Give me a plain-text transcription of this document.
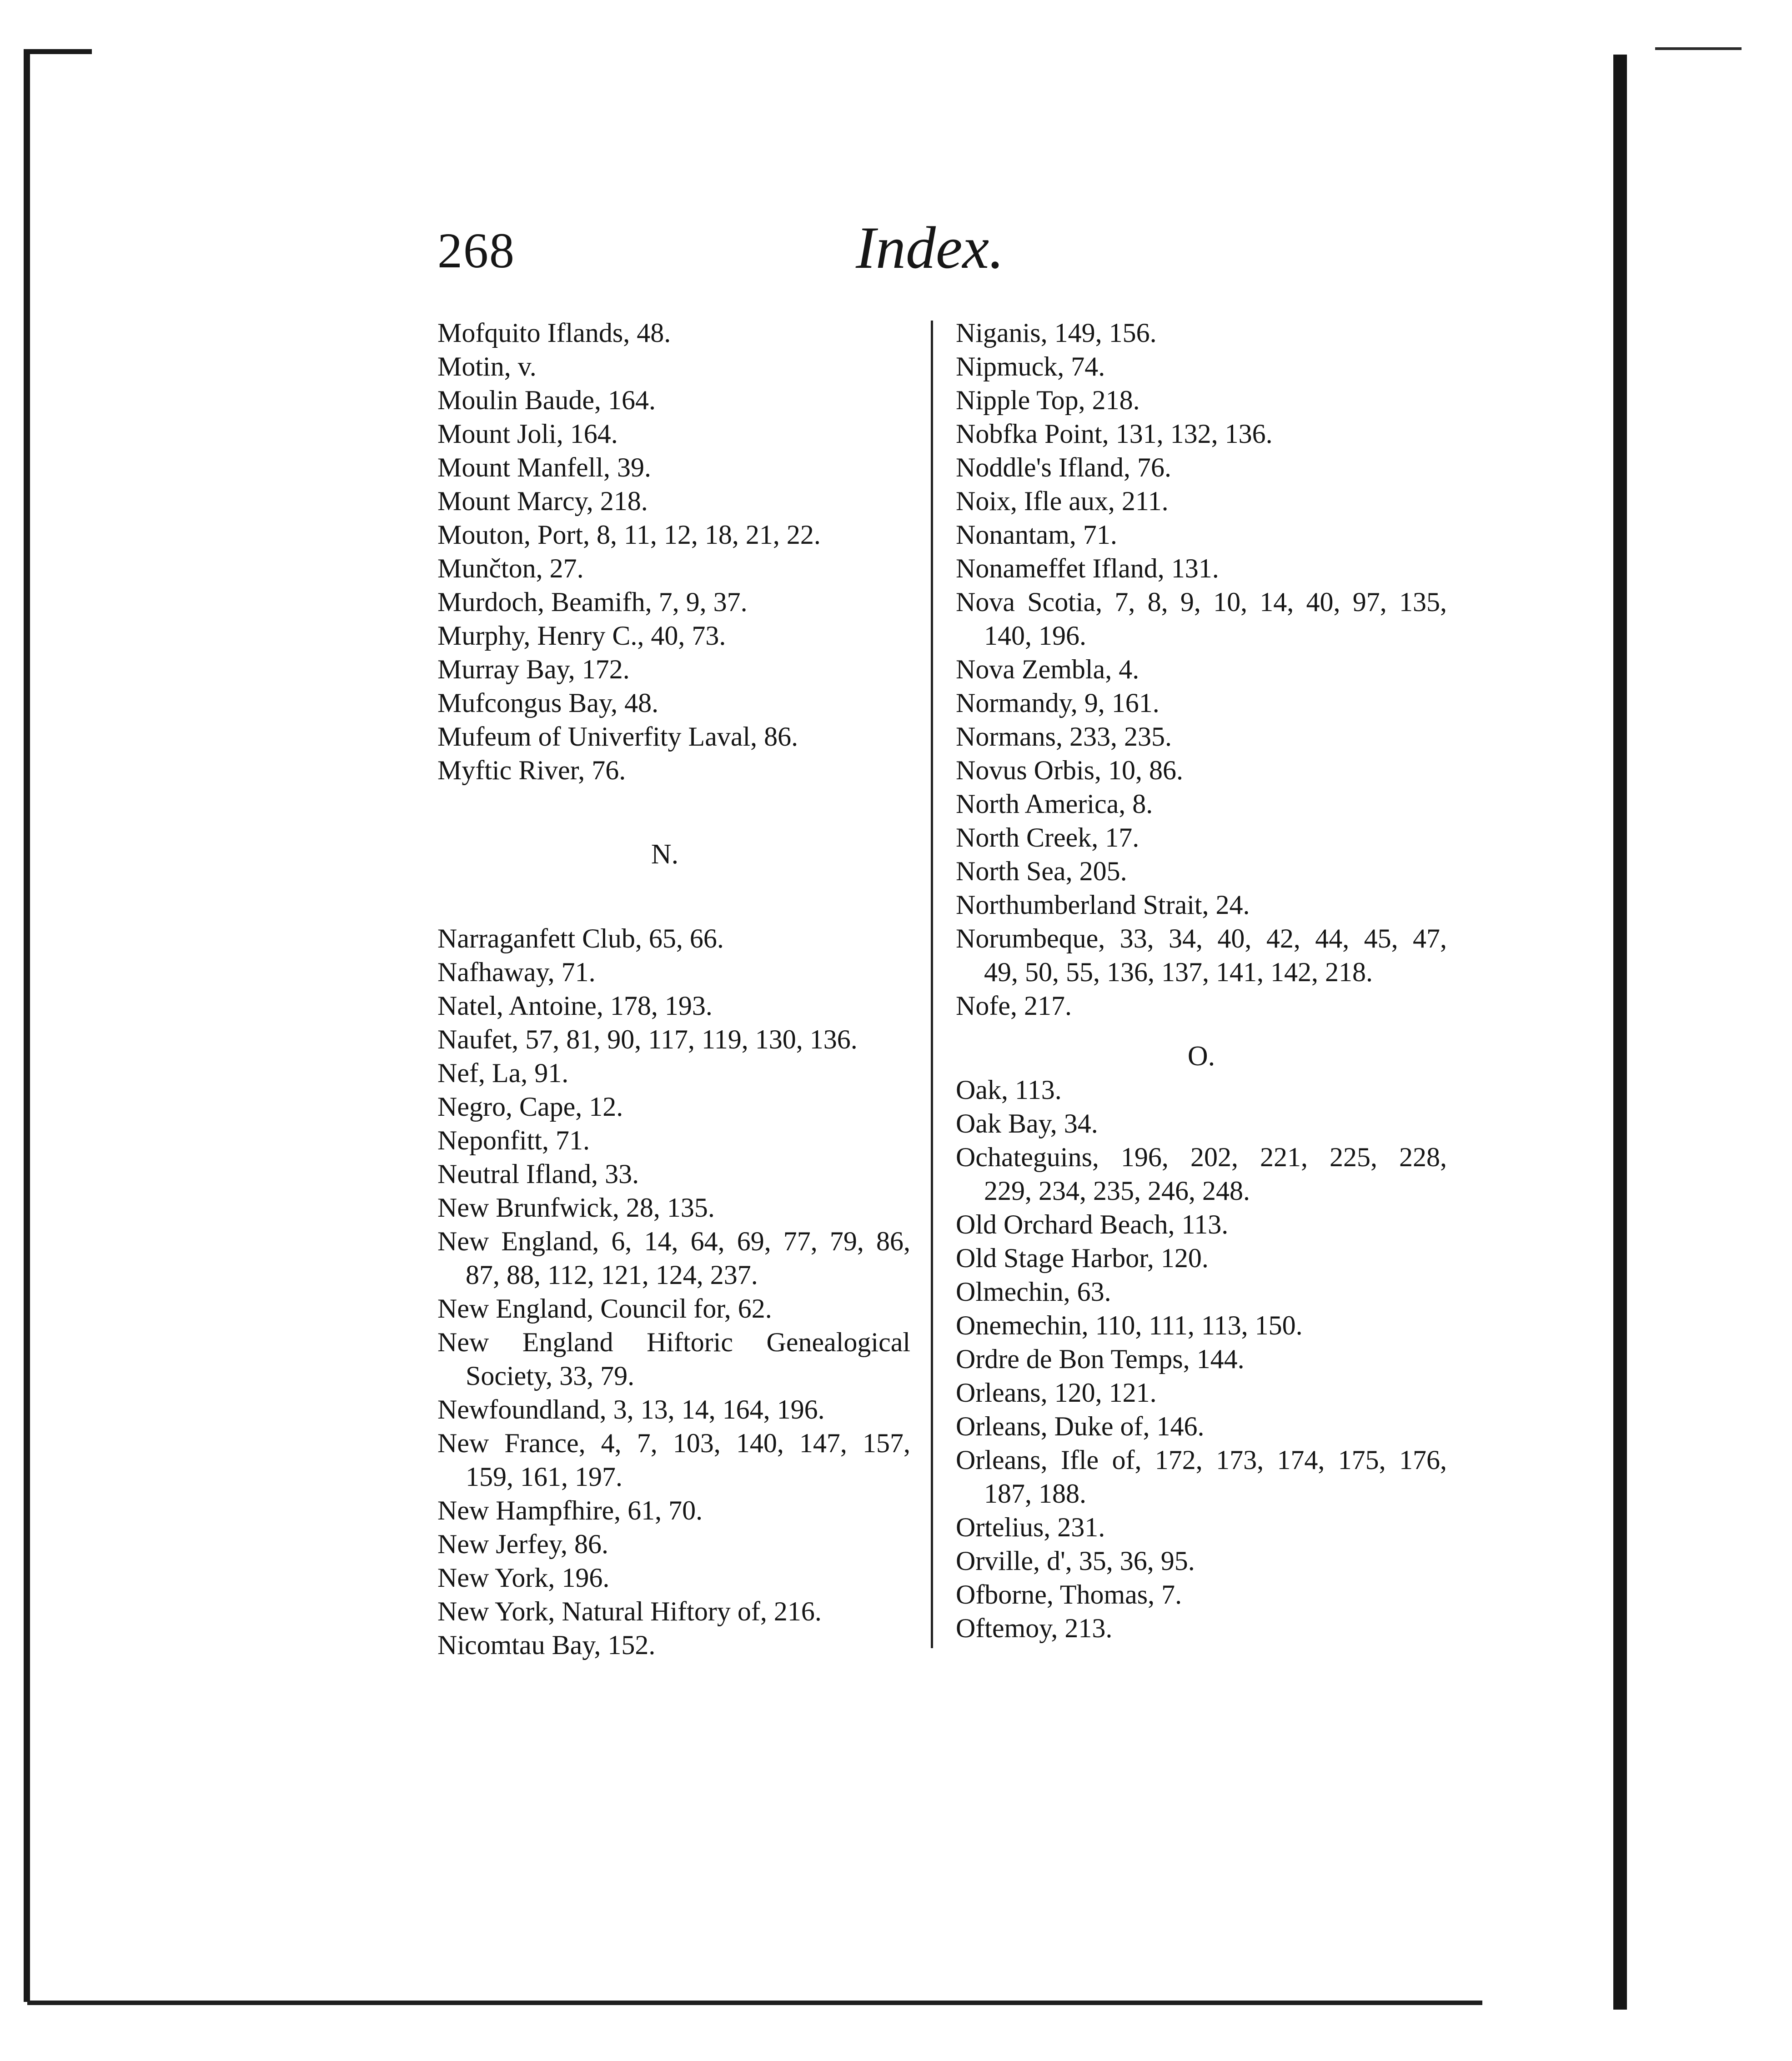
268	Index.
Mofquito Iflands, 48.
Motin, v.
Moulin Baude, 164.
Mount Joli, 164.
Mount Manfell, 39.
Mount Marcy, 218.
Mouton, Port, 8, 11, 12, 18, 21, 22.
Munčton, 27.
Murdoch, Beamifh, 7, 9, 37.
Murphy, Henry C., 40, 73.
Murray Bay, 172.
Mufcongus Bay, 48.
Mufeum of Univerfity Laval, 86.
Myftic River, 76.
N.
Narraganfett Club, 65, 66.
Nafhaway, 71.
Natel, Antoine, 178, 193.
Naufet, 57, 81, 90, 117, 119, 130, 136.
Nef, La, 91.
Negro, Cape, 12.
Neponfitt, 71.
Neutral Ifland, 33.
New Brunfwick, 28, 135.
New England, 6, 14, 64, 69, 77, 79, 86,
87, 88, 112, 121, 124, 237.
New England, Council for, 62.
New England Hiftoric Genealogical
Society, 33, 79.
Newfoundland, 3, 13, 14, 164, 196.
New France, 4, 7, 103, 140, 147, 157,
159, 161, 197.
New Hampfhire, 61, 70.
New Jerfey, 86.
New York, 196.
New York, Natural Hiftory of, 216.
Nicomtau Bay, 152.
Niganis, 149, 156.
Nipmuck, 74.
Nipple Top, 218.
Nobfka Point, 131, 132, 136.
Noddle's Ifland, 76.
Noix, Ifle aux, 211.
Nonantam, 71.
Nonameffet Ifland, 131.
Nova Scotia, 7, 8, 9, 10, 14, 40, 97, 135,
140, 196.
Nova Zembla, 4.
Normandy, 9, 161.
Normans, 233, 235.
Novus Orbis, 10, 86.
North America, 8.
North Creek, 17.
North Sea, 205.
Northumberland Strait, 24.
Norumbeque, 33, 34, 40, 42, 44, 45, 47,
49, 50, 55, 136, 137, 141, 142, 218.
Nofe, 217.
O.
Oak, 113.
Oak Bay, 34.
Ochateguins, 196, 202, 221, 225, 228,
229, 234, 235, 246, 248.
Old Orchard Beach, 113.
Old Stage Harbor, 120.
Olmechin, 63.
Onemechin, 110, 111, 113, 150.
Ordre de Bon Temps, 144.
Orleans, 120, 121.
Orleans, Duke of, 146.
Orleans, Ifle of, 172, 173, 174, 175, 176,
187, 188.
Ortelius, 231.
Orville, d', 35, 36, 95.
Ofborne, Thomas, 7.
Oftemoy, 213.
